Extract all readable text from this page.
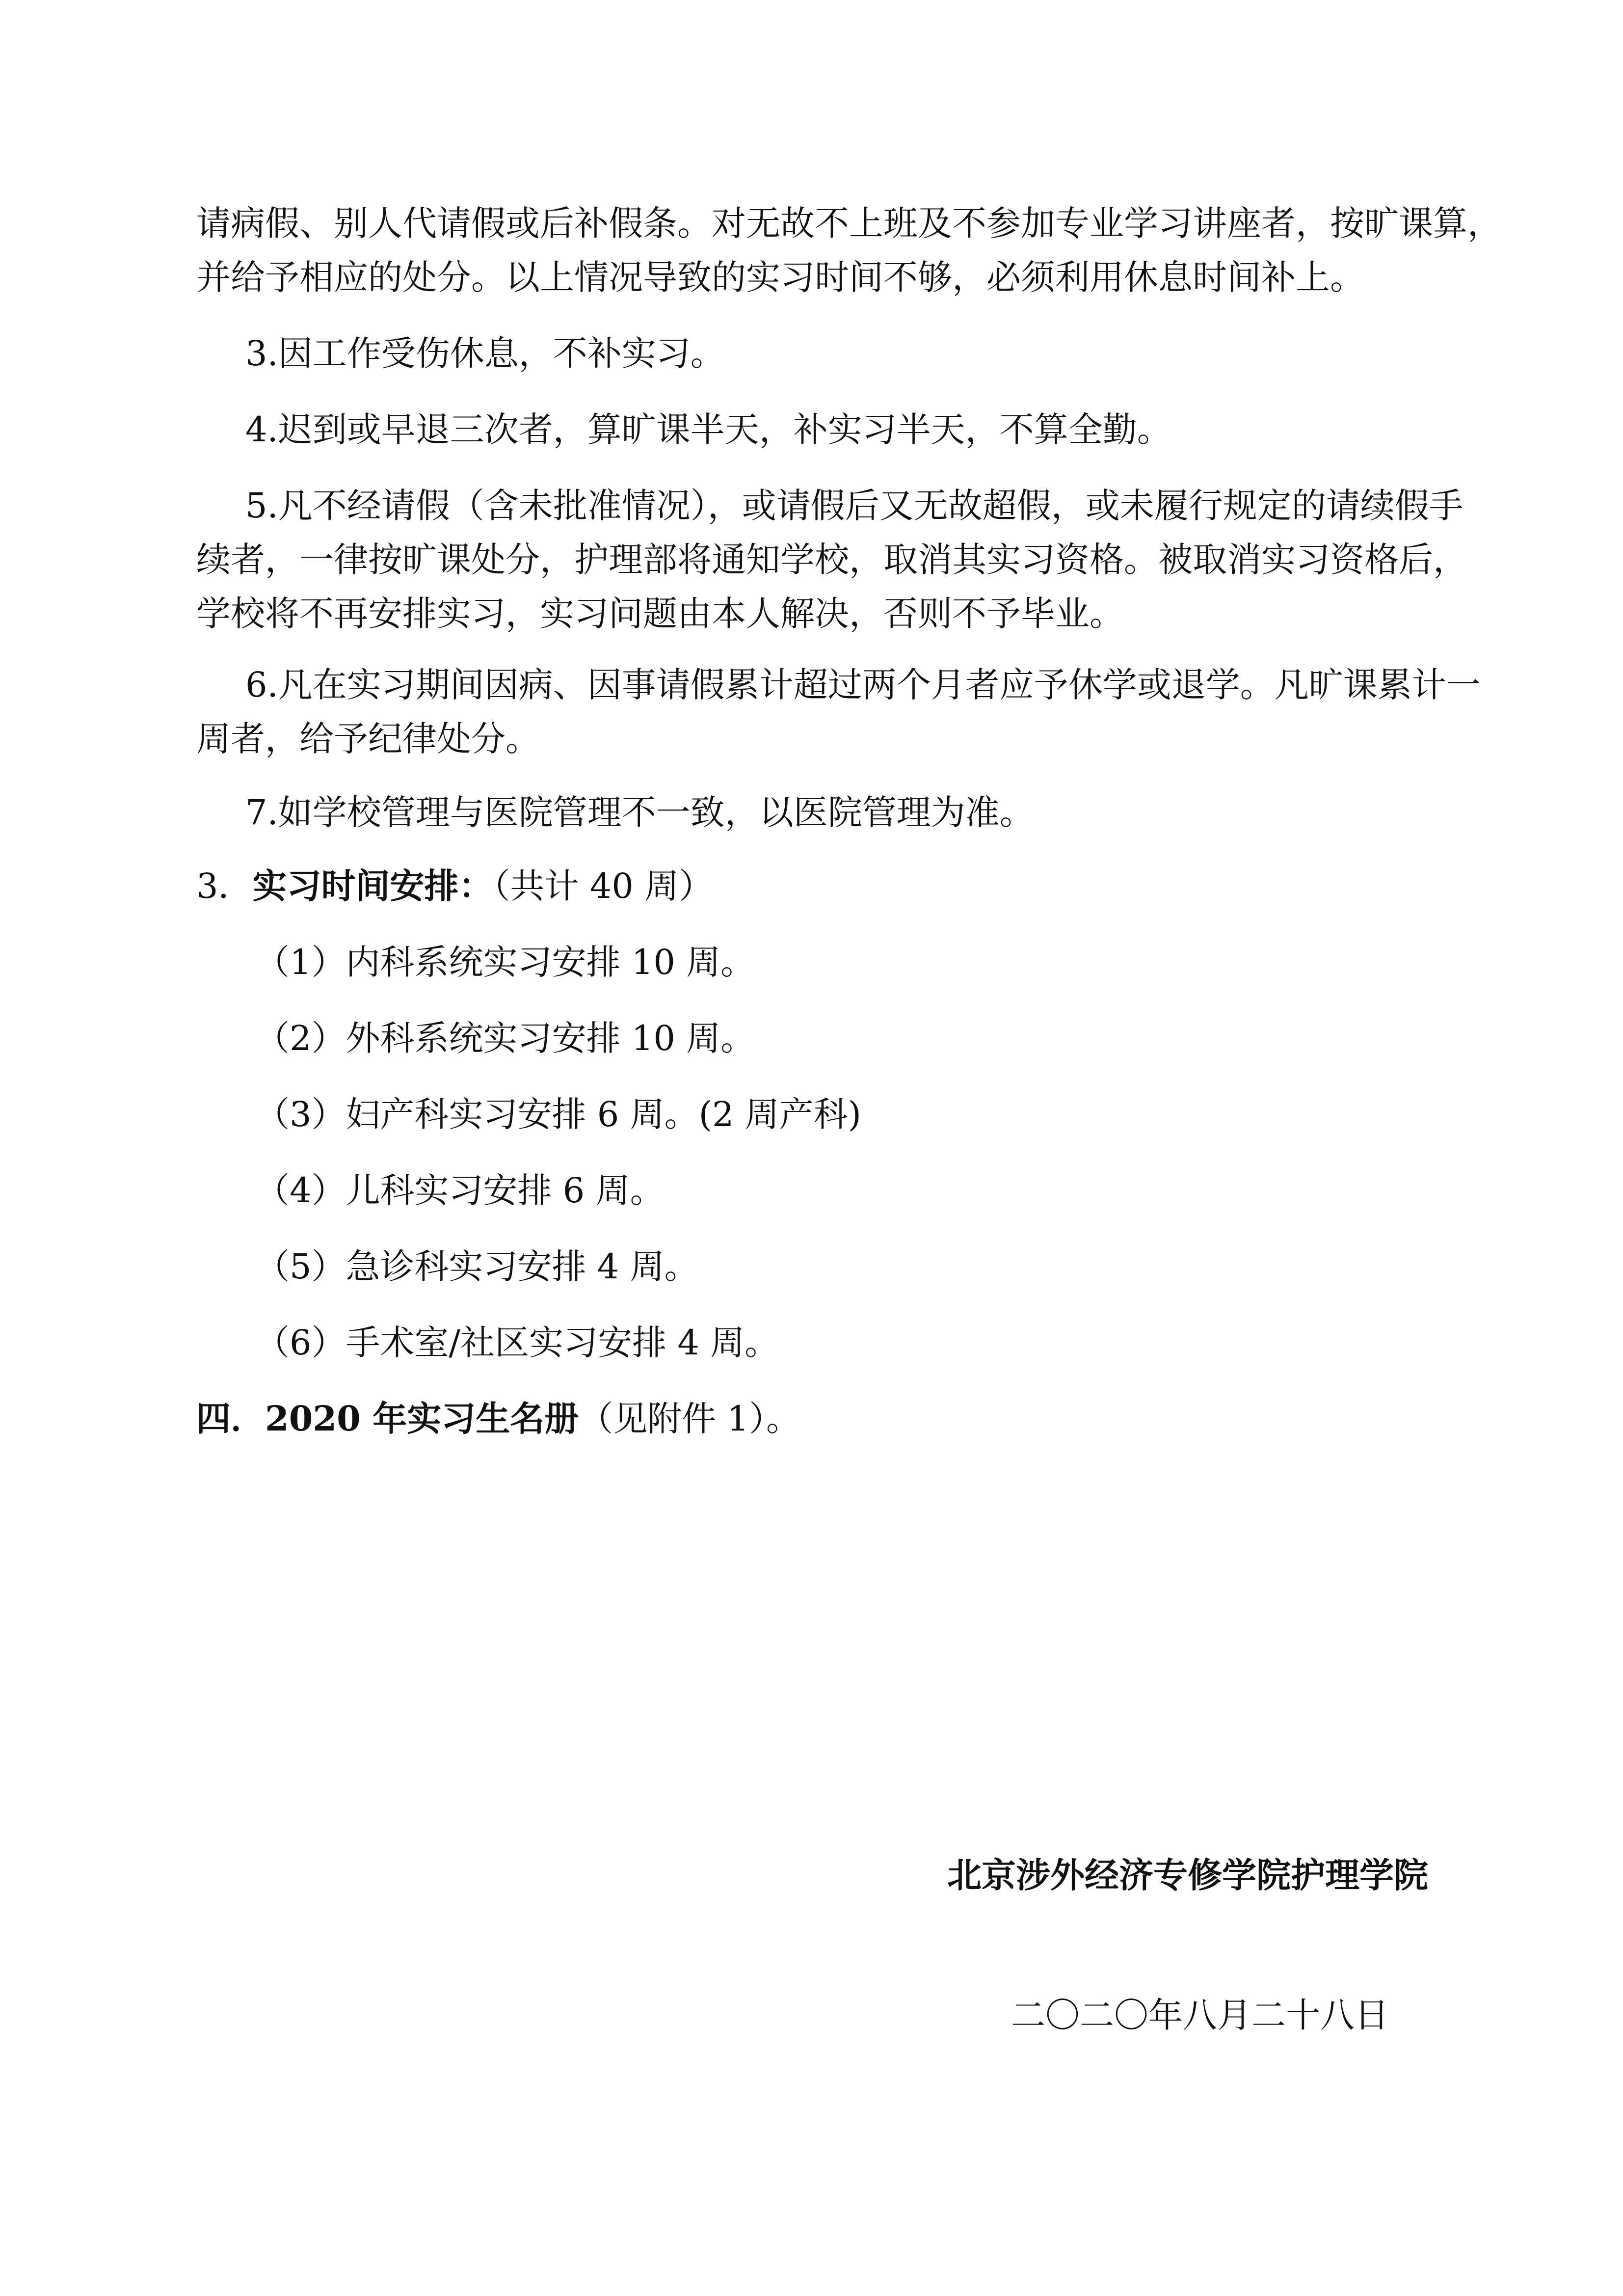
请病假、别人代请假或后补假条。对无故不上班及不参加专业学习讲座者，按旷课算，
并给予相应的处分。以上情况导致的实习时间不够，必须利用休息时间补上。
3.因工作受伤休息，不补实习。
4.迟到或早退三次者，算旷课半天，补实习半天，不算全勤。
5.凡不经请假（含未批准情况），或请假后又无故超假，或未履行规定的请续假手
续者，一律按旷课处分，护理部将通知学校，取消其实习资格。被取消实习资格后，
学校将不再安排实习，实习问题由本人解决，否则不予毕业。
6.凡在实习期间因病、因事请假累计超过两个月者应予休学或退学。凡旷课累计一
周者，给予纪律处分。
7.如学校管理与医院管理不一致，以医院管理为准。
3．实习时间安排：（共计 40 周）
（1）内科系统实习安排 10 周。
（2）外科系统实习安排 10 周。
（3）妇产科实习安排 6 周。(2 周产科)
（4）儿科实习安排 6 周。
（5）急诊科实习安排 4 周。
（6）手术室/社区实习安排 4 周。
四．2020 年实习生名册（见附件 1）。
北京涉外经济专修学院护理学院
二〇二〇年八月二十八日
